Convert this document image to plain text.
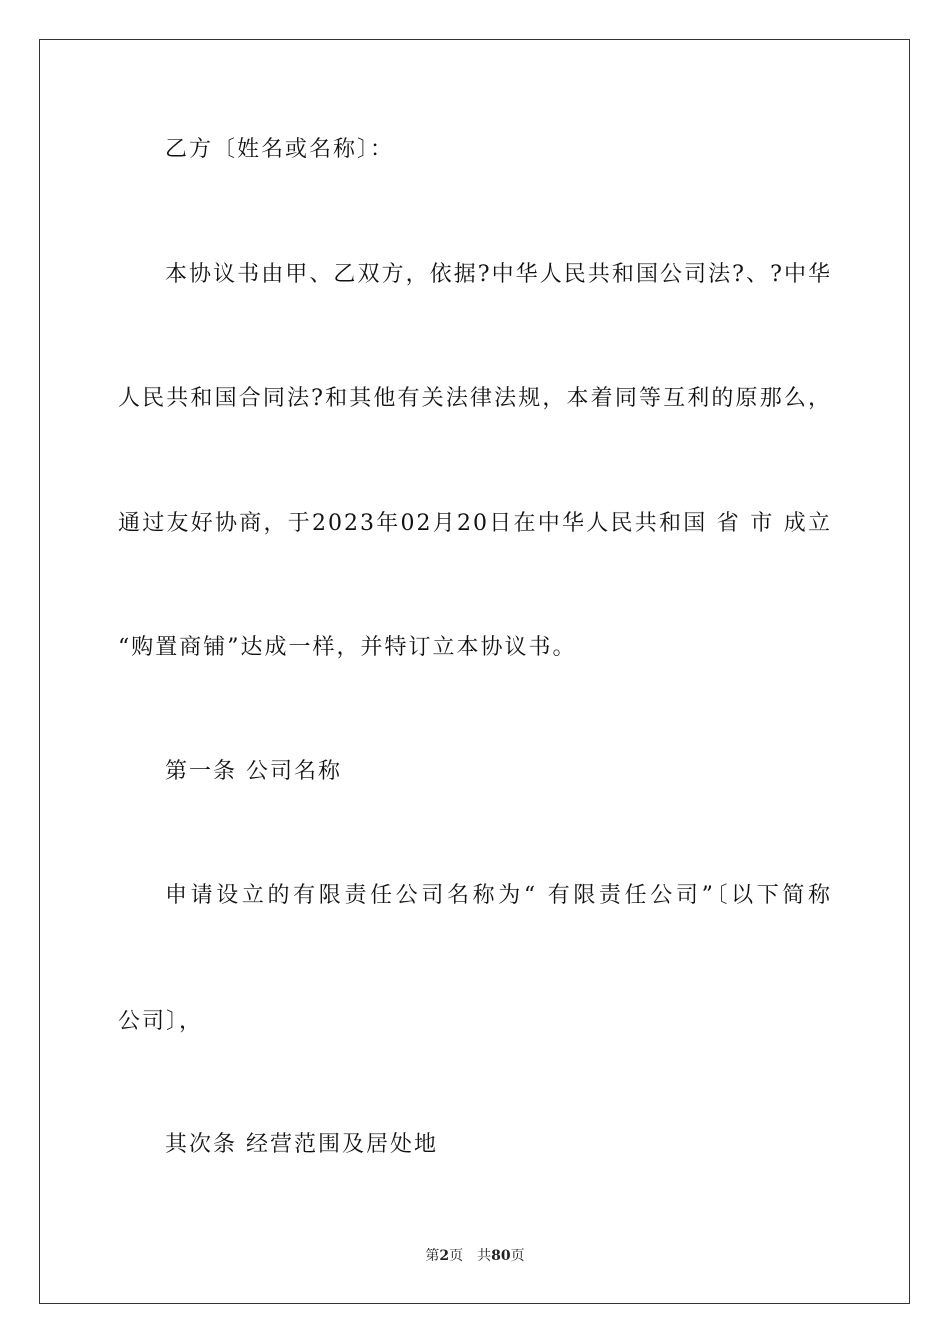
乙方〔姓名或名称〕：
本协议书由甲、乙双方，依据?中华人民共和国公司法?、?中华
人民共和国合同法?和其他有关法律法规，本着同等互利的原那么，
通过友好协商，于2023年02月20日在中华人民共和国 省 市 成立
“购置商铺”达成一样，并特订立本协议书。
第一条 公司名称
申请设立的有限责任公司名称为“ 有限责任公司”〔以下简称
公司〕，
其次条 经营范围及居处地
第2页 共80页
